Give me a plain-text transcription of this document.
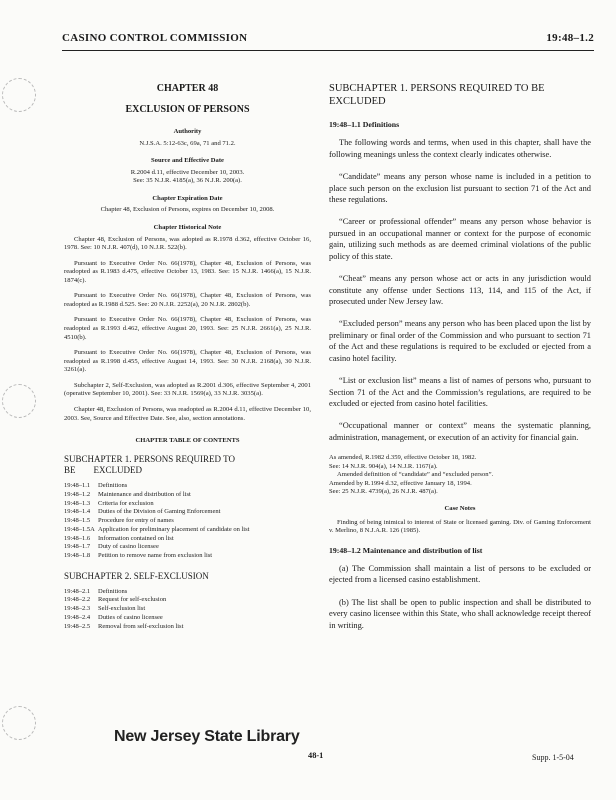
CASINO CONTROL COMMISSION	19:48–1.2
CHAPTER 48
EXCLUSION OF PERSONS
Authority
N.J.S.A. 5:12-63c, 69a, 71 and 71.2.
Source and Effective Date
R.2004 d.11, effective December 10, 2003.
See: 35 N.J.R. 4185(a), 36 N.J.R. 200(a).
Chapter Expiration Date
Chapter 48, Exclusion of Persons, expires on December 10, 2008.
Chapter Historical Note

Chapter 48, Exclusion of Persons, was adopted as R.1978 d.362, effective October 16, 1978. See: 10 N.J.R. 407(d), 10 N.J.R. 522(b).

Pursuant to Executive Order No. 66(1978), Chapter 48, Exclusion of Persons, was readopted as R.1983 d.475, effective October 13, 1983. See: 15 N.J.R. 1466(a), 15 N.J.R. 1874(c).

Pursuant to Executive Order No. 66(1978), Chapter 48, Exclusion of Persons, was readopted as R.1988 d.525. See: 20 N.J.R. 2252(a), 20 N.J.R. 2802(b).

Pursuant to Executive Order No. 66(1978), Chapter 48, Exclusion of Persons, was readopted as R.1993 d.462, effective August 20, 1993. See: 25 N.J.R. 2661(a), 25 N.J.R. 4510(b).

Pursuant to Executive Order No. 66(1978), Chapter 48, Exclusion of Persons, was readopted as R.1998 d.455, effective August 14, 1993. See: 30 N.J.R. 2168(a), 30 N.J.R. 3261(a).

Subchapter 2, Self-Exclusion, was adopted as R.2001 d.306, effective September 4, 2001 (operative September 10, 2001). See: 33 N.J.R. 1569(a), 33 N.J.R. 3035(a).

Chapter 48, Exclusion of Persons, was readopted as R.2004 d.11, effective December 10, 2003. See, Source and Effective Date. See, also, section annotations.

CHAPTER TABLE OF CONTENTS
SUBCHAPTER 1. PERSONS REQUIRED TO BE        EXCLUDED
19:48–1.1	Definitions
19:48–1.2	Maintenance and distribution of list
19:48–1.3	Criteria for exclusion
19:48–1.4	Duties of the Division of Gaming Enforcement
19:48–1.5	Procedure for entry of names
19:48–1.5A Application for preliminary placement of candidate on list
19:48–1.6	Information contained on list
19:48–1.7	Duty of casino licensee
19:48–1.8	Petition to remove name from exclusion list
SUBCHAPTER 2. SELF-EXCLUSION
19:48–2.1	Definitions
19:48–2.2	Request for self-exclusion
19:48–2.3	Self-exclusion list
19:48–2.4	Duties of casino licensee
19:48–2.5	Removal from self-exclusion list
SUBCHAPTER 1. PERSONS REQUIRED TO BE EXCLUDED
19:48–1.1 Definitions

The following words and terms, when used in this chapter, shall have the following meanings unless the context clearly indicates otherwise.

“Candidate” means any person whose name is included in a petition to place such person on the exclusion list pursuant to section 71 of the Act and these regulations.

“Career or professional offender” means any person whose behavior is pursued in an occupational manner or context for the purpose of economic gain, utilizing such methods as are deemed criminal violations of the public policy of this state.

“Cheat” means any person whose act or acts in any jurisdiction would constitute any offense under Sections 113, 114, and 115 of the Act, if prosecuted under New Jersey law.

“Excluded person” means any person who has been placed upon the list by preliminary or final order of the Commission and who pursuant to section 71 of the Act and these regulations is required to be excluded or ejected from a casino hotel facility.

“List or exclusion list” means a list of names of persons who, pursuant to Section 71 of the Act and the Commission’s regulations, are required to be excluded or ejected from casino hotel facilities.

“Occupational manner or context” means the systematic planning, administration, management, or execution of an activity for financial gain.

As amended, R.1982 d.359, effective October 18, 1982.
See: 14 N.J.R. 904(a), 14 N.J.R. 1167(a).
Amended definition of “candidate” and “excluded person”.
Amended by R.1994 d.32, effective January 18, 1994.
See: 25 N.J.R. 4739(a), 26 N.J.R. 487(a).
Case Notes

Finding of being inimical to interest of State or licensed gaming. Div. of Gaming Enforcement v. Merlino, 8 N.J.A.R. 126 (1985).

19:48–1.2 Maintenance and distribution of list

(a) The Commission shall maintain a list of persons to be excluded or ejected from a licensed casino establishment.

(b) The list shall be open to public inspection and shall be distributed to every casino licensee within this State, who shall acknowledge receipt thereof in writing.

New Jersey State Library
48-1	Supp. 1-5-04
